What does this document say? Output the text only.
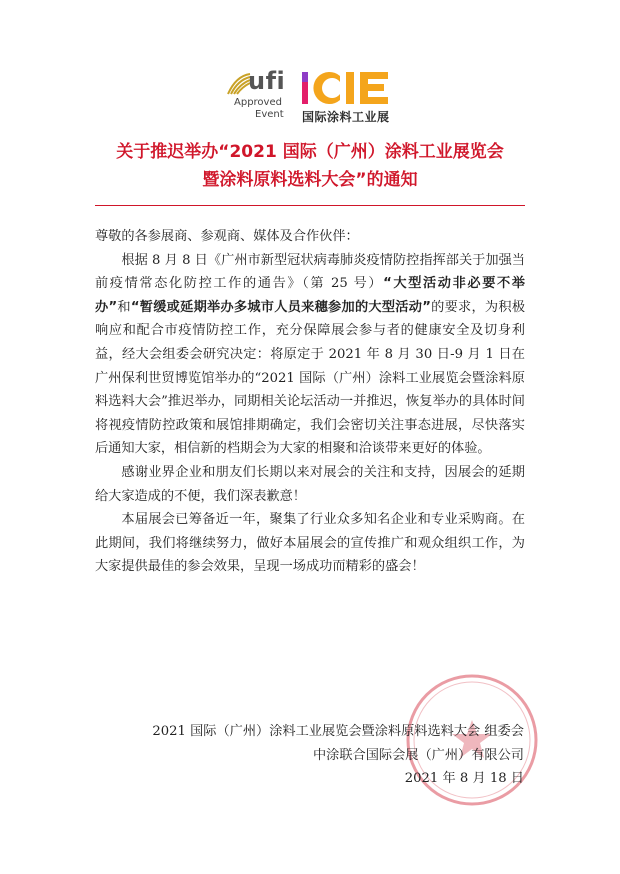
ufi
Approved
Event
ICIE
国际涂料工业展
关于推迟举办“2021 国际（广州）涂料工业展览会
暨涂料原料选料大会”的通知

尊敬的各参展商、参观商、媒体及合作伙伴：

根据 8 月 8 日《广州市新型冠状病毒肺炎疫情防控指挥部关于加强当前疫情常态化防控工作的通告》（第 25 号）“大型活动非必要不举办”和“暂缓或延期举办多城市人员来穗参加的大型活动”的要求，为积极响应和配合市疫情防控工作，充分保障展会参与者的健康安全及切身利益，经大会组委会研究决定：将原定于 2021 年 8 月 30 日-9 月 1 日在广州保利世贸博览馆举办的“2021 国际（广州）涂料工业展览会暨涂料原料选料大会”推迟举办，同期相关论坛活动一并推迟，恢复举办的具体时间将视疫情防控政策和展馆排期确定，我们会密切关注事态进展，尽快落实后通知大家，相信新的档期会为大家的相聚和洽谈带来更好的体验。

感谢业界企业和朋友们长期以来对展会的关注和支持，因展会的延期给大家造成的不便，我们深表歉意！

本届展会已筹备近一年，聚集了行业众多知名企业和专业采购商。在此期间，我们将继续努力，做好本届展会的宣传推广和观众组织工作，为大家提供最佳的参会效果，呈现一场成功而精彩的盛会！

2021 国际（广州）涂料工业展览会暨涂料原料选料大会 组委会
中涂联合国际会展（广州）有限公司
2021 年 8 月 18 日
